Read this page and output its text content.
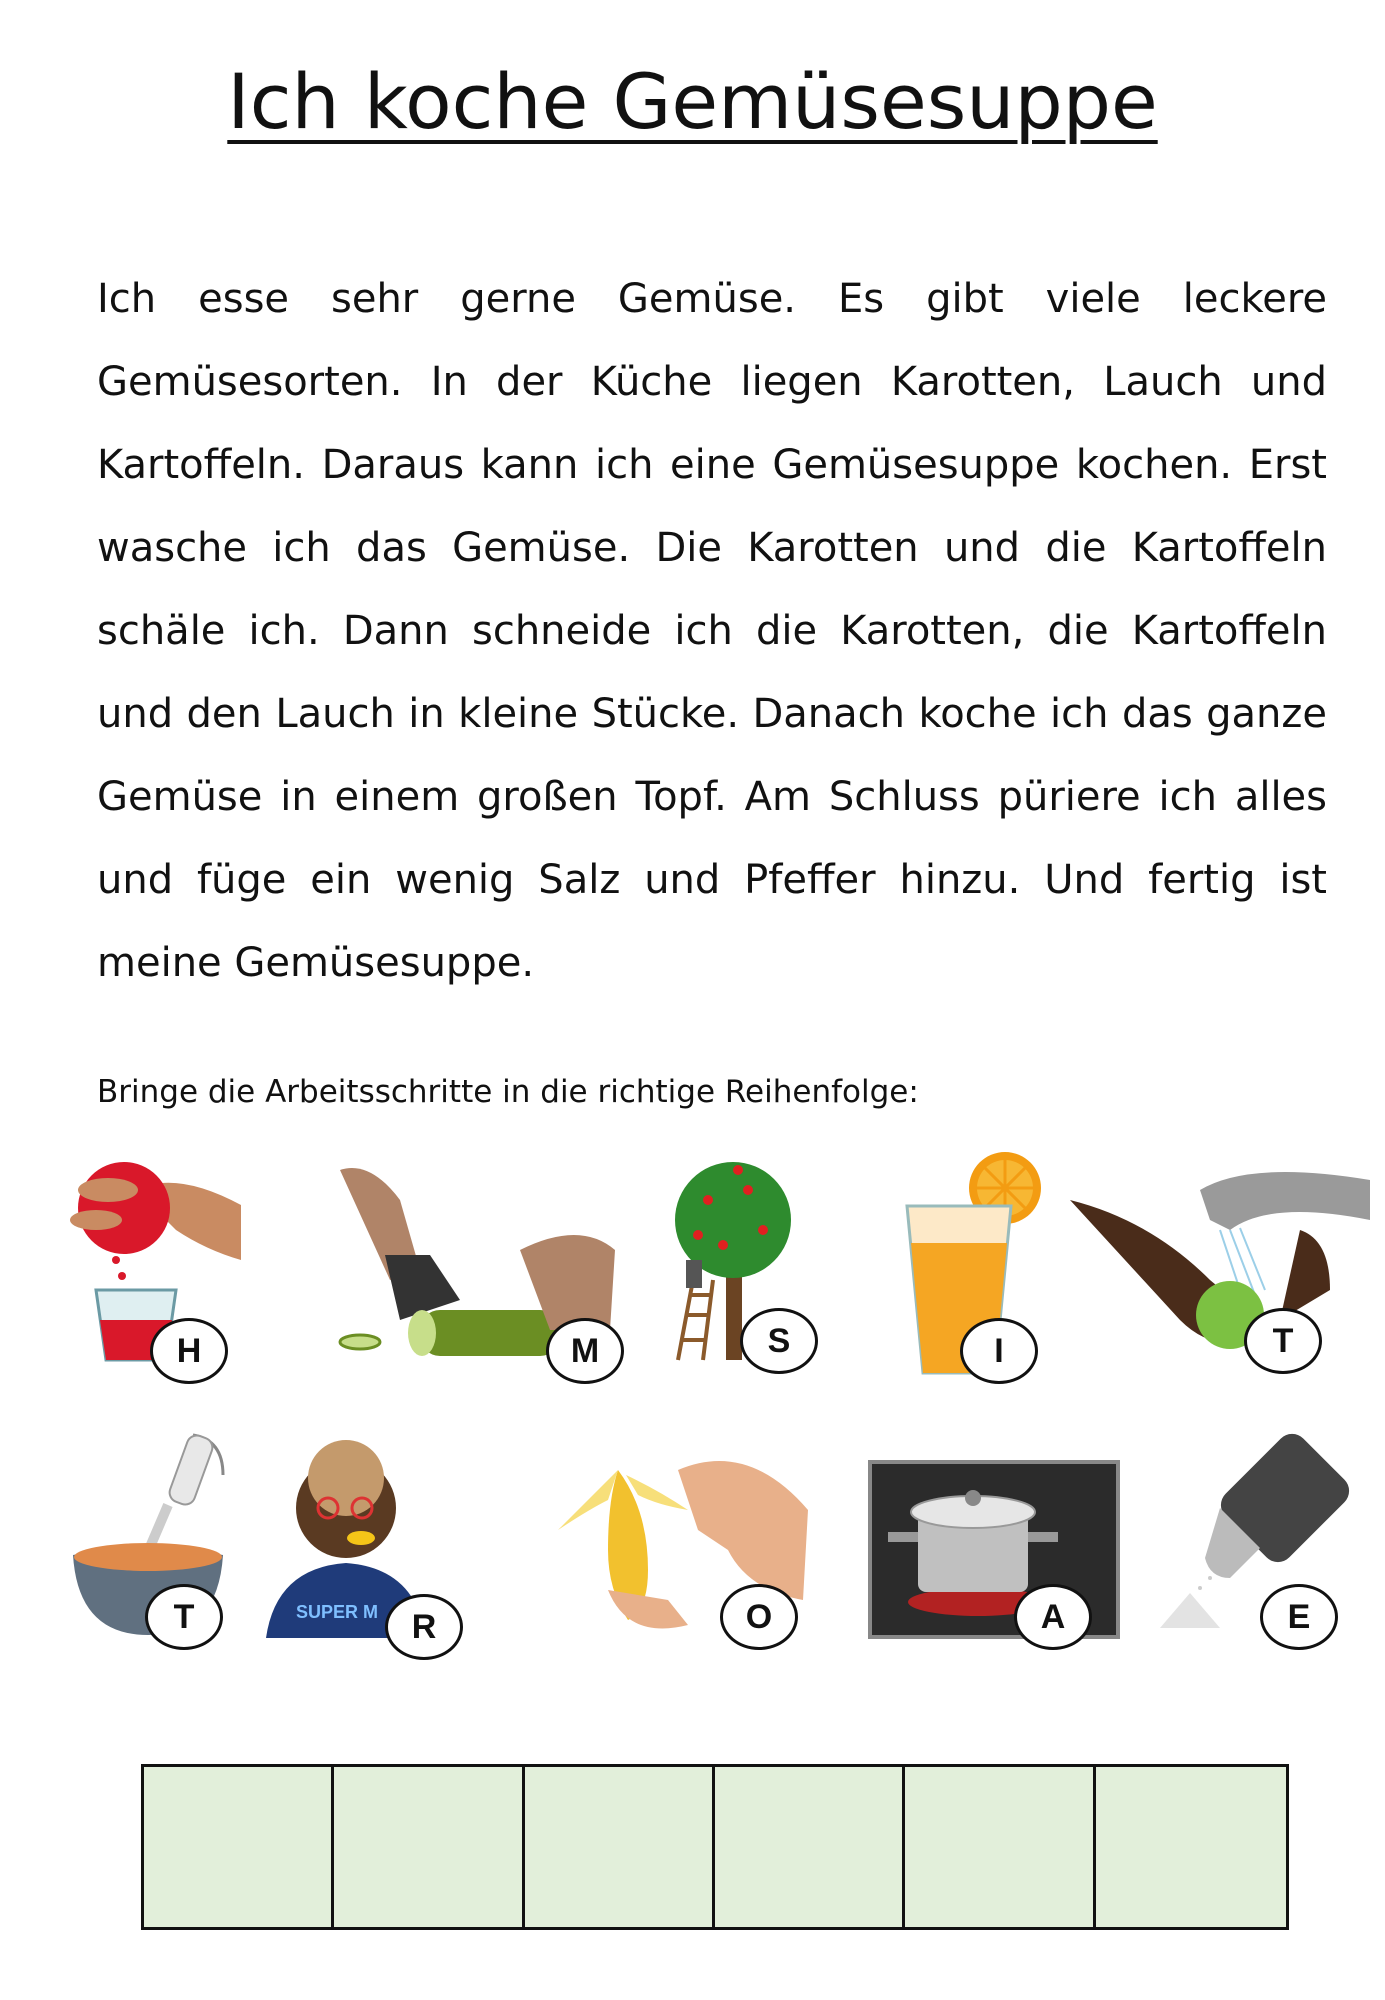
Ich koche Gemüsesuppe

Ich esse sehr gerne Gemüse. Es gibt viele leckere Gemüsesorten. In der Küche liegen Karotten, Lauch und Kartoffeln. Daraus kann ich eine Gemüsesuppe kochen. Erst wasche ich das Gemüse. Die Karotten und die Kartoffeln schäle ich. Dann schneide ich die Karotten, die Kartoffeln und den Lauch in kleine Stücke. Danach koche ich das ganze Gemüse in einem großen Topf. Am Schluss püriere ich alles und füge ein wenig Salz und Pfeffer hinzu. Und fertig ist meine Gemüsesuppe.

Bringe die Arbeitsschritte in die richtige Reihenfolge:
H	M	S	I	T
T	SUPER M R	O	A	E
